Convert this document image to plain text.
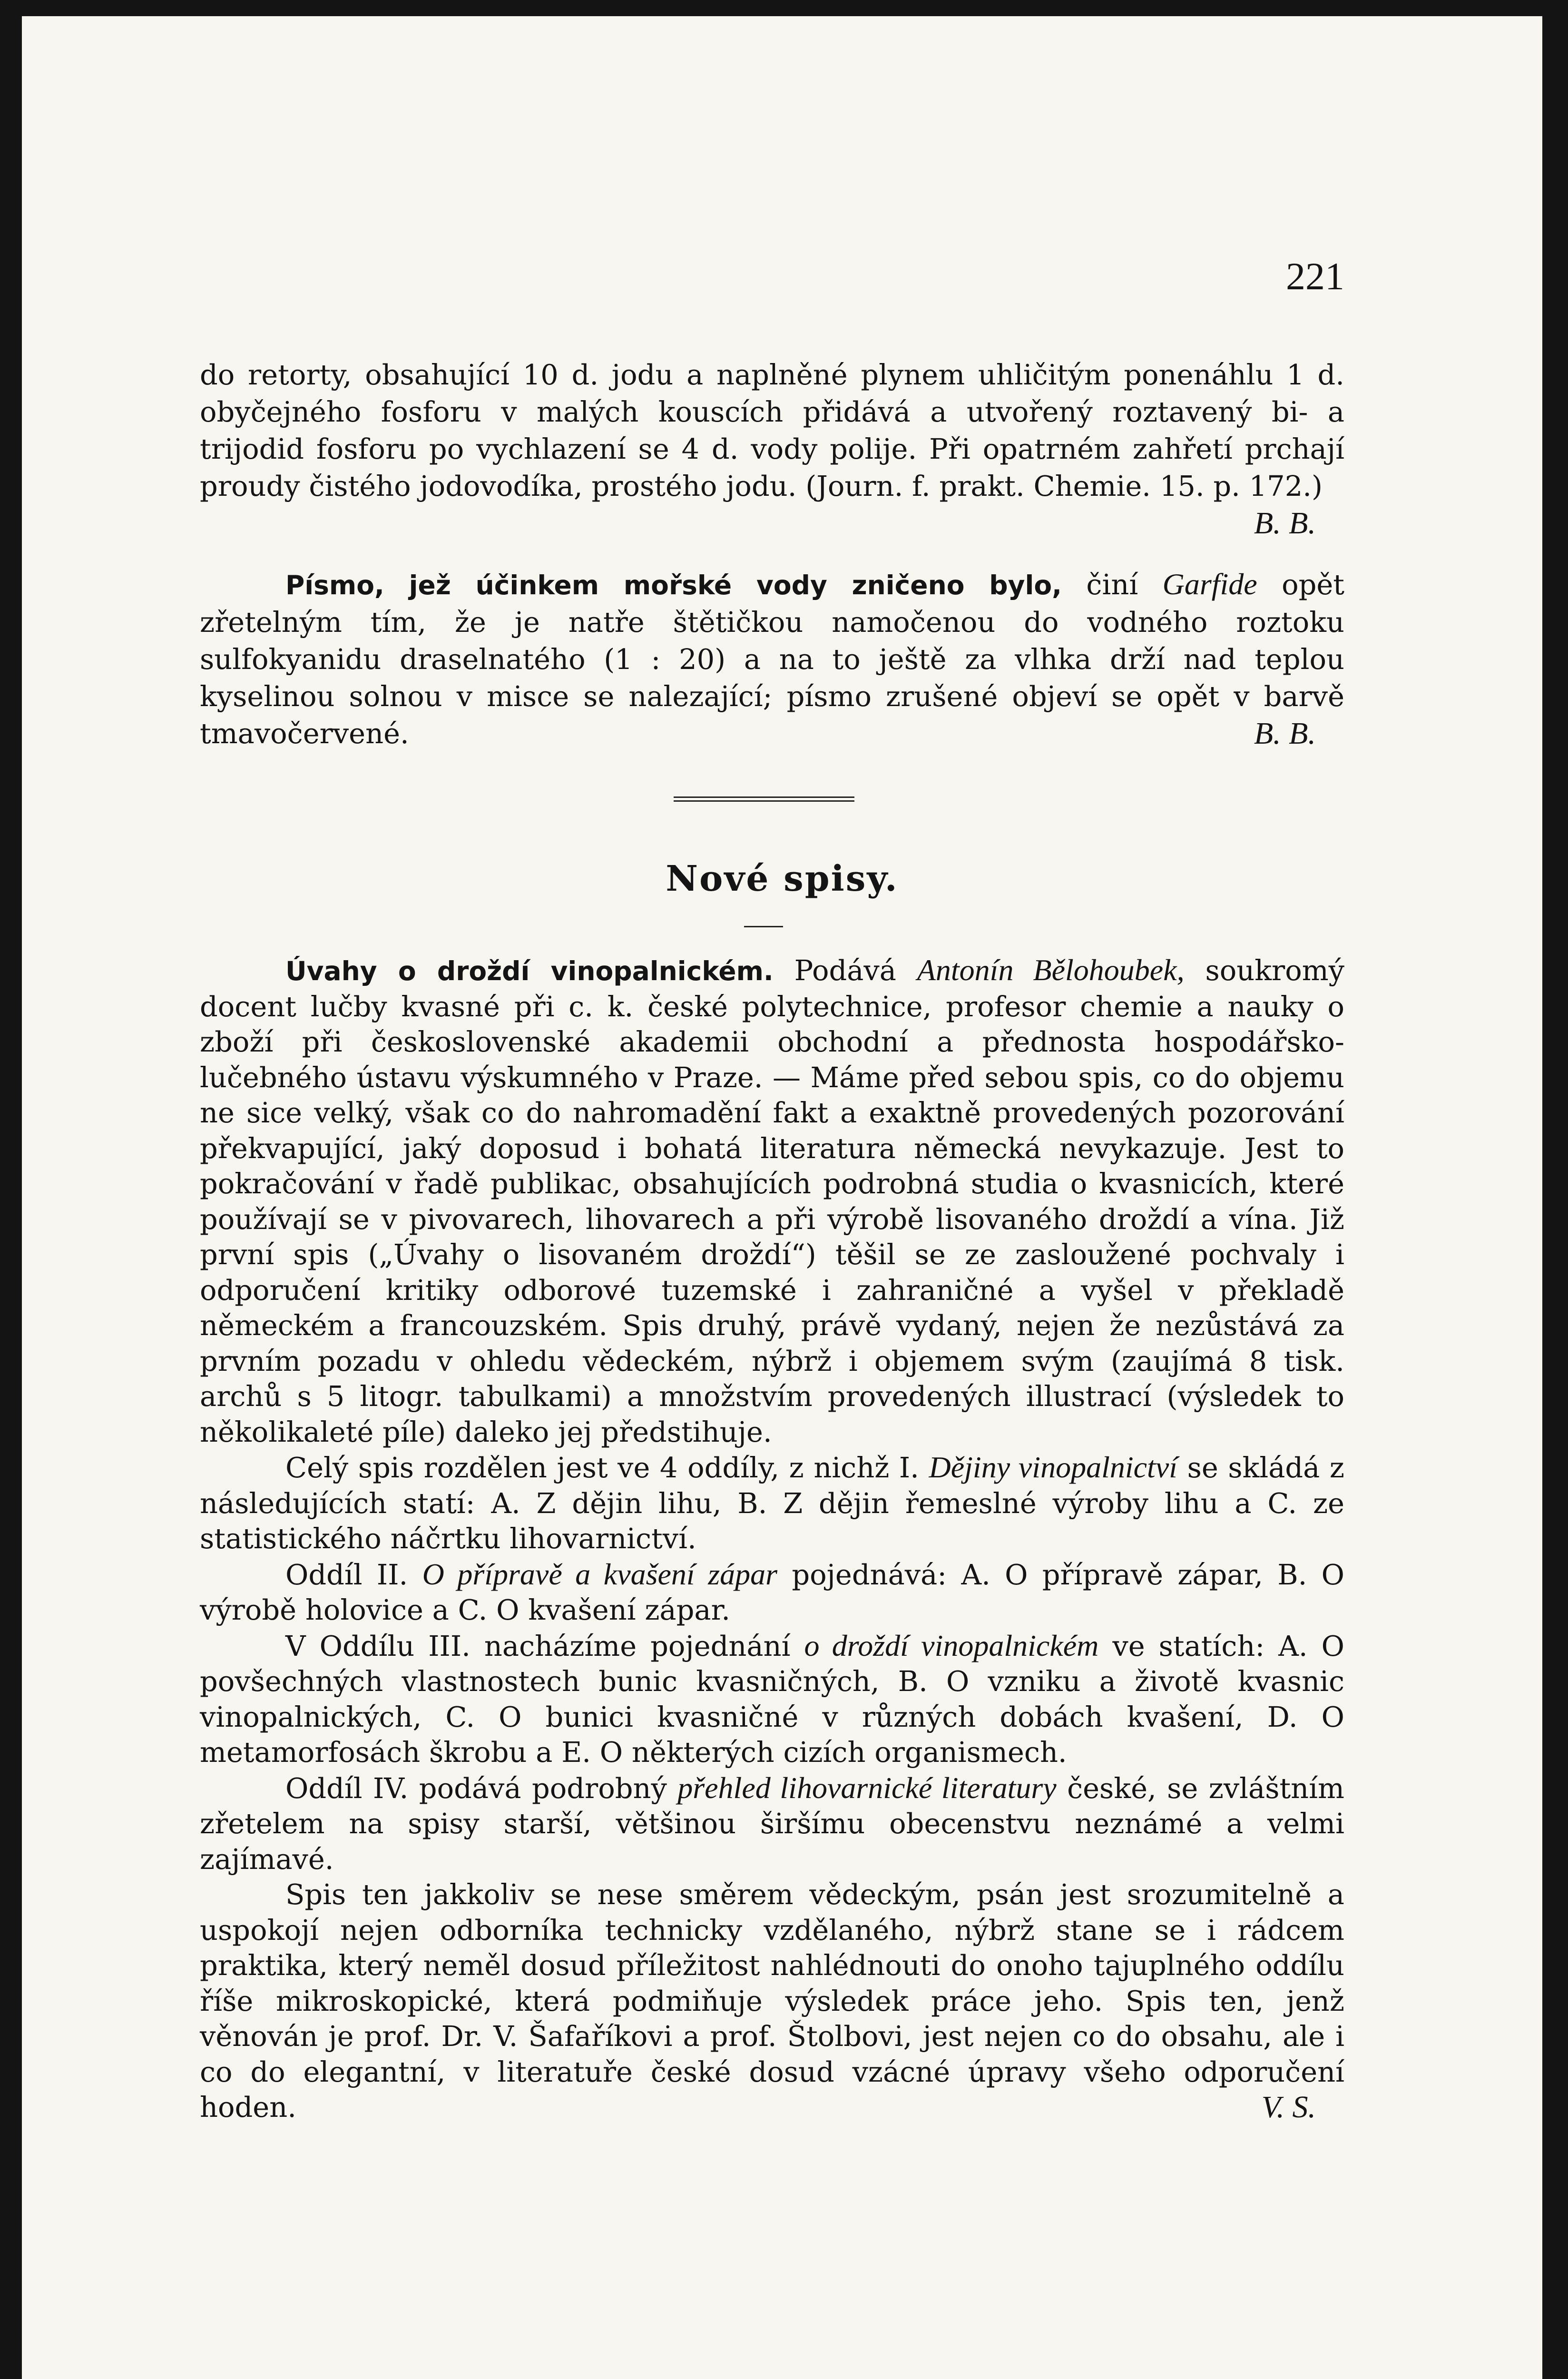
221

do retorty, obsahující 10 d. jodu a naplněné plynem uhličitým ponenáhlu 1 d. obyčejného fosforu v malých kouscích přidává a utvořený roztavený bi- a trijodid fosforu po vychlazení se 4 d. vody polije. Při opatrném zahřetí prchají proudy čistého jodovodíka, prostého jodu. (Journ. f. prakt. Chemie. 15. p. 172.)
B. B.

Písmo, jež účinkem mořské vody zničeno bylo, činí Garfide opět zřetelným tím, že je natře štětičkou namočenou do vodného roztoku sulfokyanidu draselnatého (1 : 20) a na to ještě za vlhka drží nad teplou kyselinou solnou v misce se nalezající; písmo zrušené objeví se opět v barvě tmavočervené.	B. B.

Nové spisy.

Úvahy o droždí vinopalnickém. Podává Antonín Bělohoubek, soukromý docent lučby kvasné při c. k. české polytechnice, profesor chemie a nauky o zboží při československé akademii obchodní a přednosta hospodářsko-lučebného ústavu výskumného v Praze. — Máme před sebou spis, co do objemu ne sice velký, však co do nahromadění fakt a exaktně provedených pozorování překvapující, jaký doposud i bohatá literatura německá nevykazuje. Jest to pokračování v řadě publikac, obsahujících podrobná studia o kvasnicích, které používají se v pivovarech, lihovarech a při výrobě lisovaného droždí a vína. Již první spis („Úvahy o lisovaném droždí“) těšil se ze zasloužené pochvaly i odporučení kritiky odborové tuzemské i zahraničné a vyšel v překladě německém a francouzském. Spis druhý, právě vydaný, nejen že nezůstává za prvním pozadu v ohledu vědeckém, nýbrž i objemem svým (zaujímá 8 tisk. archů s 5 litogr. tabulkami) a množstvím provedených illustrací (výsledek to několikaleté píle) daleko jej předstihuje.

Celý spis rozdělen jest ve 4 oddíly, z nichž I. Dějiny vinopalnictví se skládá z následujících statí: A. Z dějin lihu, B. Z dějin řemeslné výroby lihu a C. ze statistického náčrtku lihovarnictví.

Oddíl II. O přípravě a kvašení zápar pojednává: A. O přípravě zápar, B. O výrobě holovice a C. O kvašení zápar.

V Oddílu III. nacházíme pojednání o droždí vinopalnickém ve statích: A. O povšechných vlastnostech bunic kvasničných, B. O vzniku a životě kvasnic vinopalnických, C. O bunici kvasničné v různých dobách kvašení, D. O metamorfosách škrobu a E. O některých cizích organismech.

Oddíl IV. podává podrobný přehled lihovarnické literatury české, se zvláštním zřetelem na spisy starší, většinou širšímu obecenstvu neznámé a velmi zajímavé.

Spis ten jakkoliv se nese směrem vědeckým, psán jest srozumitelně a uspokojí nejen odborníka technicky vzdělaného, nýbrž stane se i rádcem praktika, který neměl dosud příležitost nahlédnouti do onoho tajuplného oddílu říše mikroskopické, která podmiňuje výsledek práce jeho. Spis ten, jenž věnován je prof. Dr. V. Šafaříkovi a prof. Štolbovi, jest nejen co do obsahu, ale i co do elegantní, v literatuře české dosud vzácné úpravy všeho odporučení hoden.	V. S.
